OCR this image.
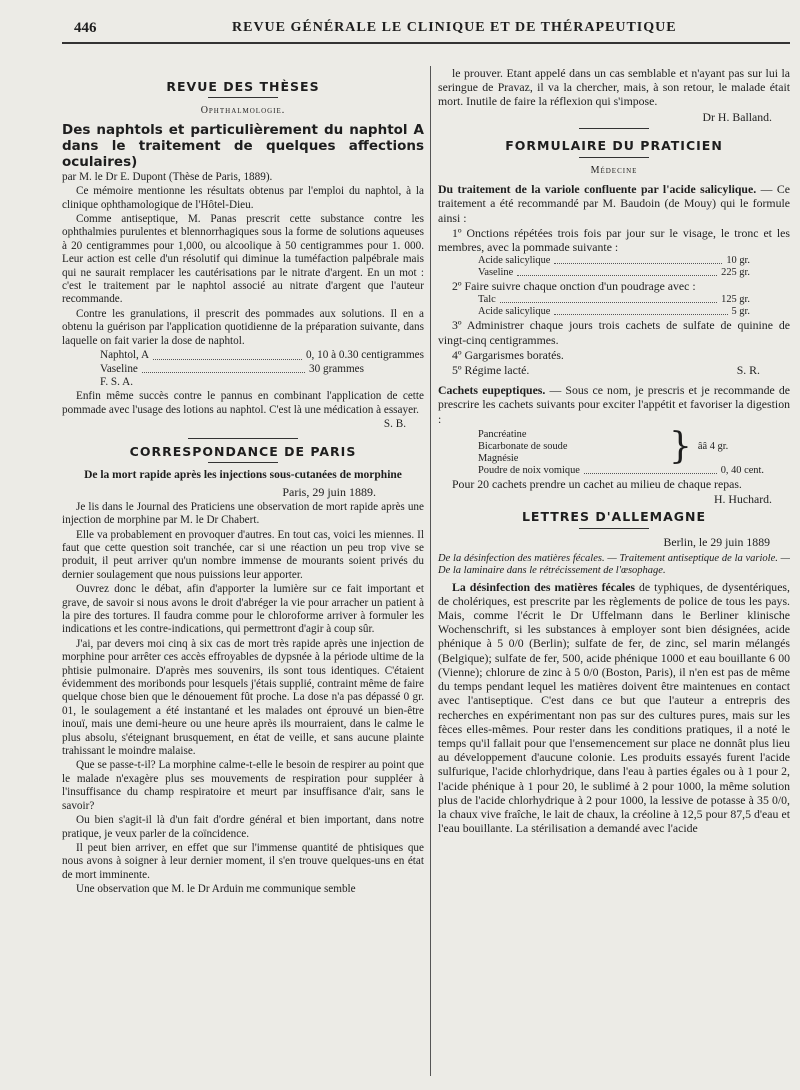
446	REVUE GÉNÉRALE LE CLINIQUE ET DE THÉRAPEUTIQUE
REVUE DES THÈSES
Ophthalmologie.
Des naphtols et particulièrement du naphtol A dans le traitement de quelques affections oculaires)

par M. le Dr E. Dupont (Thèse de Paris, 1889).

Ce mémoire mentionne les résultats obtenus par l'emploi du naphtol, à la clinique ophthamologique de l'Hôtel-Dieu.

Comme antiseptique, M. Panas prescrit cette substance contre les ophthalmies purulentes et blennorrhagiques sous la forme de solutions aqueuses à 20 centigrammes pour 1,000, ou alcoolique à 50 centigrammes pour 1. 000. Leur action est celle d'un résolutif qui diminue la tuméfaction palpébrale mais qui ne saurait remplacer les cautérisations par le nitrate d'argent. En un mot : c'est le traitement par le naphtol associé au nitrate d'argent que l'auteur recommande.

Contre les granulations, il prescrit des pommades aux solutions. Il en a obtenu la guérison par l'application quotidienne de la préparation suivante, dans laquelle on fait varier la dose de naphtol.

Naphtol, A	0, 10 à 0.30 centigrammes
Vaseline	30 grammes

F. S. A.

Enfin même succès contre le pannus en combinant l'application de cette pommade avec l'usage des lotions au naphtol. C'est là une médication à essayer.

S. B.

CORRESPONDANCE DE PARIS
De la mort rapide après les injections sous-cutanées de morphine

Paris, 29 juin 1889.

Je lis dans le Journal des Praticiens une observation de mort rapide après une injection de morphine par M. le Dr Chabert.

Elle va probablement en provoquer d'autres. En tout cas, voici les miennes. Il faut que cette question soit tranchée, car si une réaction un peu trop vive se produit, il peut arriver qu'un nombre immense de mourants soient privés du dernier soulagement que nous puissions leur apporter.

Ouvrez donc le débat, afin d'apporter la lumière sur ce fait important et grave, de savoir si nous avons le droit d'abréger la vie pour arracher un patient à la pire des tortures. Il faudra comme pour le chloroforme arriver à formuler les indications et les contre-indications, qui permettront d'agir à coup sûr.

J'ai, par devers moi cinq à six cas de mort très rapide après une injection de morphine pour arrêter ces accès effroyables de dypsnée à la période ultime de la phtisie pulmonaire. D'après mes souvenirs, ils sont tous identiques. C'étaient évidemment des moribonds pour lesquels j'étais supplié, contraint même de faire quelque chose bien que le dénouement fût proche. La dose n'a pas dépassé 0 gr. 01, le soulagement a été instantané et les malades ont éprouvé un bien-être inouï, mais une demi-heure ou une heure après ils mourraient, dans le calme le plus absolu, s'éteignant brusquement, en état de veille, et sans aucune plainte trahissant le moindre malaise.

Que se passe-t-il? La morphine calme-t-elle le besoin de respirer au point que le malade n'exagère plus ses mouvements de respiration pour suppléer à l'insuffisance du champ respiratoire et meurt par insuffisance d'air, sans le savoir?

Ou bien s'agit-il là d'un fait d'ordre général et bien important, dans notre pratique, je veux parler de la coïncidence.

Il peut bien arriver, en effet que sur l'immense quantité de phtisiques que nous avons à soigner à leur dernier moment, il s'en trouve quelques-uns en état de mort imminente.

Une observation que M. le Dr Arduin me communique semble

le prouver. Etant appelé dans un cas semblable et n'ayant pas sur lui la seringue de Pravaz, il va la chercher, mais, à son retour, le malade était mort. Inutile de faire la réflexion qui s'impose.

Dr H. Balland.

FORMULAIRE DU PRATICIEN
Médecine

Du traitement de la variole confluente par l'acide salicylique. — Ce traitement a été recommandé par M. Baudoin (de Mouy) qui le formule ainsi :

1º Onctions répétées trois fois par jour sur le visage, le tronc et les membres, avec la pommade suivante :

Acide salicylique	10 gr.
Vaseline	225 gr.

2º Faire suivre chaque onction d'un poudrage avec :

Talc	125 gr.
Acide salicylique	5 gr.

3º Administrer chaque jours trois cachets de sulfate de quinine de vingt-cinq centigrammes.

4º Gargarismes boratés.

5º Régime lacté.	S. R.

Cachets eupeptiques. — Sous ce nom, je prescris et je recommande de prescrire les cachets suivants pour exciter l'appétit et favoriser la digestion :

Pancréatine
Bicarbonate de soude
Magnésie	} ââ 4 gr.
Poudre de noix vomique	0, 40 cent.

Pour 20 cachets prendre un cachet au milieu de chaque repas.

H. Huchard.

LETTRES D'ALLEMAGNE

Berlin, le 29 juin 1889

De la désinfection des matières fécales. — Traitement antiseptique de la variole. — De la laminaire dans le rétrécissement de l'œsophage.

La désinfection des matières fécales de typhiques, de dysentériques, de cholériques, est prescrite par les règlements de police de tous les pays. Mais, comme l'écrit le Dr Uffelmann dans le Berliner klinische Wochenschrift, si les substances à employer sont bien désignées, acide phénique à 5 0/0 (Berlin); sulfate de fer, de zinc, sel marin mélangés (Belgique); sulfate de fer, 500, acide phénique 1000 et eau bouillante 6 00 (Vienne); chlorure de zinc à 5 0/0 (Boston, Paris), il n'en est pas de même du temps pendant lequel les matières doivent être maintenues en contact avec l'antiseptique. C'est dans ce but que l'auteur a entrepris des recherches en expérimentant non pas sur des cultures pures, mais sur les fèces elles-mêmes. Pour rester dans les conditions pratiques, il a noté le temps qu'il fallait pour que l'ensemencement sur place ne donnât plus lieu au développement d'aucune colonie. Les produits essayés furent l'acide sulfurique, l'acide chlorhydrique, dans l'eau à parties égales ou à 1 pour 2, l'acide phénique à 1 pour 20, le sublimé à 2 pour 1000, la même solution plus de l'acide chlorhydrique à 2 pour 1000, la lessive de potasse à 35 0/0, la chaux vive fraîche, le lait de chaux, la créoline à 12,5 pour 87,5 d'eau et l'eau bouillante. La stérilisation a demandé avec l'acide
